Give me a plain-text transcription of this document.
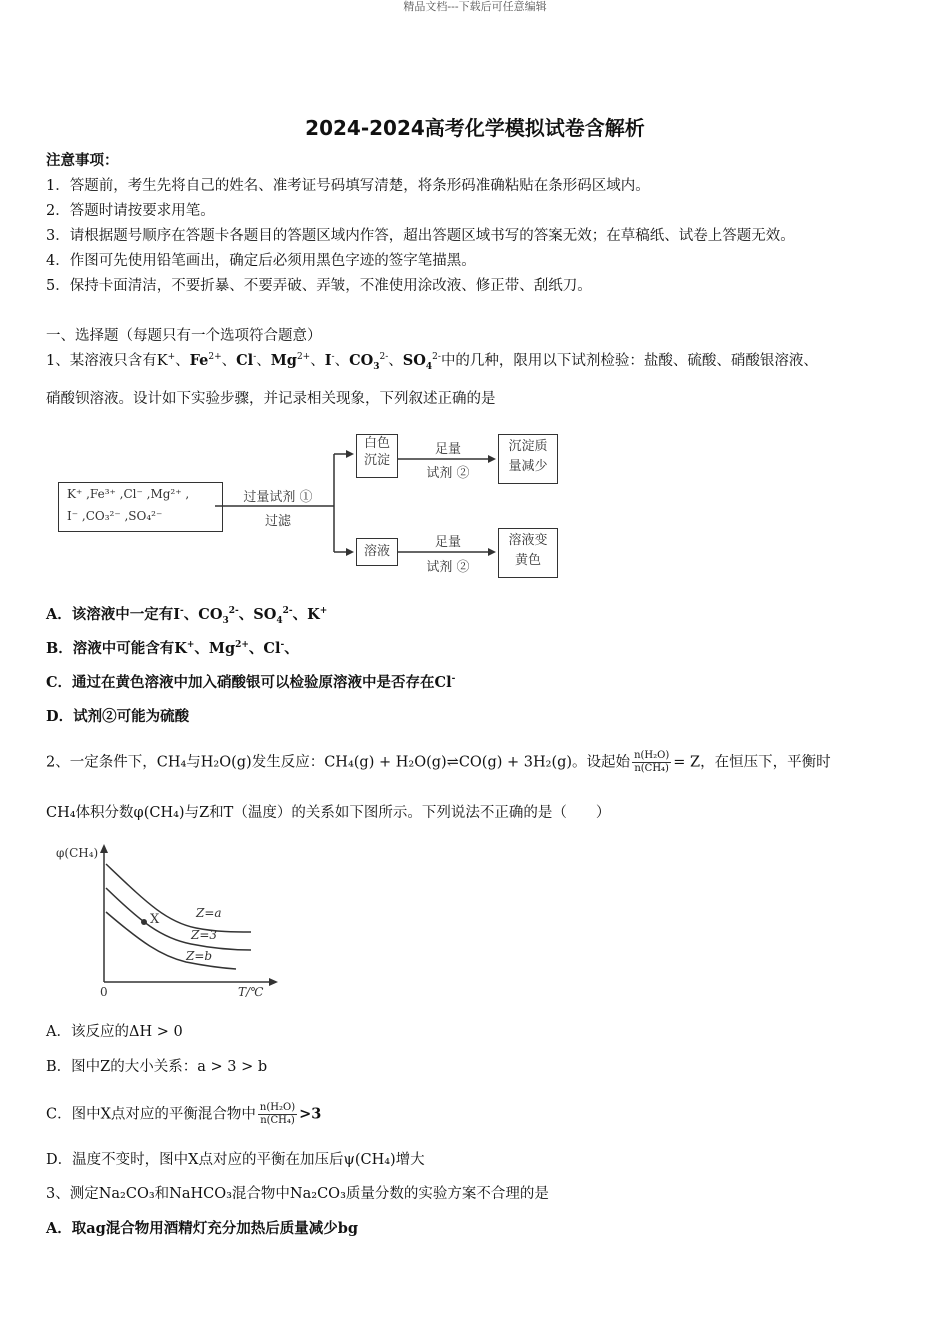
精品文档---下载后可任意编辑
2024-2024高考化学模拟试卷含解析
注意事项：
1．答题前，考生先将自己的姓名、准考证号码填写清楚，将条形码准确粘贴在条形码区域内。
2．答题时请按要求用笔。
3．请根据题号顺序在答题卡各题目的答题区域内作答，超出答题区域书写的答案无效；在草稿纸、试卷上答题无效。
4．作图可先使用铅笔画出，确定后必须用黑色字迹的签字笔描黑。
5．保持卡面清洁，不要折暴、不要弄破、弄皱，不准使用涂改液、修正带、刮纸刀。
一、选择题（每题只有一个选项符合题意）
1、某溶液只含有K+、$Fe^{2+}$、Cl-、$Mg^{2+}$、I-、$CO_3^{2-}$、$SO_4^{2-}$中的几种，限用以下试剂检验：盐酸、硫酸、硝酸银溶液、
硝酸钡溶液。设计如下实验步骤，并记录相关现象，下列叙述正确的是
K⁺ ,Fe³⁺ ,Cl⁻ ,Mg²⁺ ,
I⁻ ,CO₃²⁻ ,SO₄²⁻
过量试剂 ①
过滤
白色
沉淀
溶液
足量
试剂 ②
足量
试剂 ②
沉淀质
量减少
溶液变
黄色
A．该溶液中一定有I-、$CO_3^{2-}$、$SO_4^{2-}$、K+
B．溶液中可能含有K+、$Mg^{2+}$、Cl-、
C．通过在黄色溶液中加入硝酸银可以检验原溶液中是否存在Cl-
D．试剂②可能为硫酸
2、一定条件下，CH₄与H₂O(g)发生反应：CH₄(g) + H₂O(g)⇌CO(g) + 3H₂(g)。设起始 $\frac{\text{n(H₂O)}}{\text{n(CH₄)}} = Z$，在恒压下，平衡时
CH₄体积分数φ(CH₄)与Z和T（温度）的关系如下图所示。下列说法不正确的是（　　）
φ(CH₄)
0	T/℃
X	Z=a
Z=3
Z=b
A．该反应的ΔH > 0
B．图中Z的大小关系：a > 3 > b
C．图中X点对应的平衡混合物中 $\frac{\text{n(H₂O)}}{\text{n(CH₄)}} >3$
D．温度不变时，图中X点对应的平衡在加压后ψ(CH₄)增大
3、测定Na₂CO₃和NaHCO₃混合物中Na₂CO₃质量分数的实验方案不合理的是
A．取ag混合物用酒精灯充分加热后质量减少bg
